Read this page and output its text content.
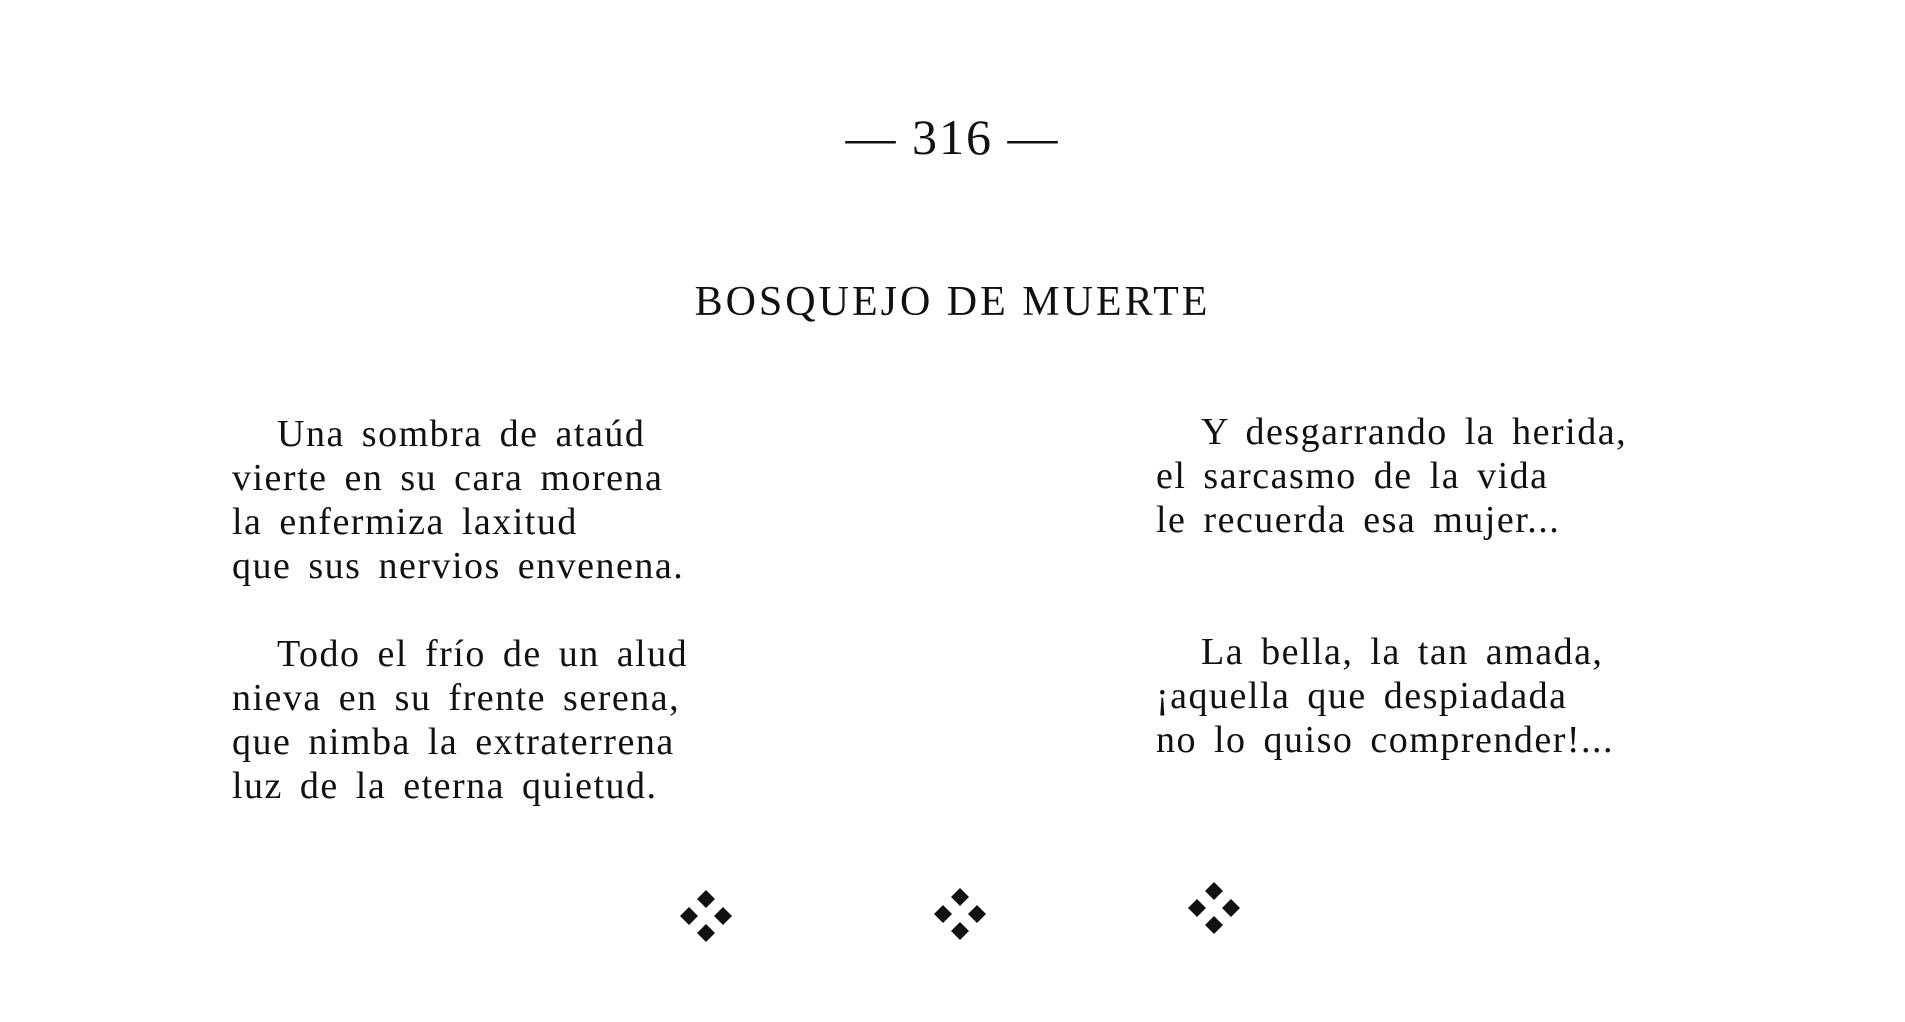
— 316 —
BOSQUEJO DE MUERTE
Una sombra de ataúd
vierte en su cara morena
la enfermiza laxitud
que sus nervios envenena.
Todo el frío de un alud
nieva en su frente serena,
que nimba la extraterrena
luz de la eterna quietud.
Y desgarrando la herida,
el sarcasmo de la vida
le recuerda esa mujer...
La bella, la tan amada,
¡aquella que despiadada
no lo quiso comprender!...
